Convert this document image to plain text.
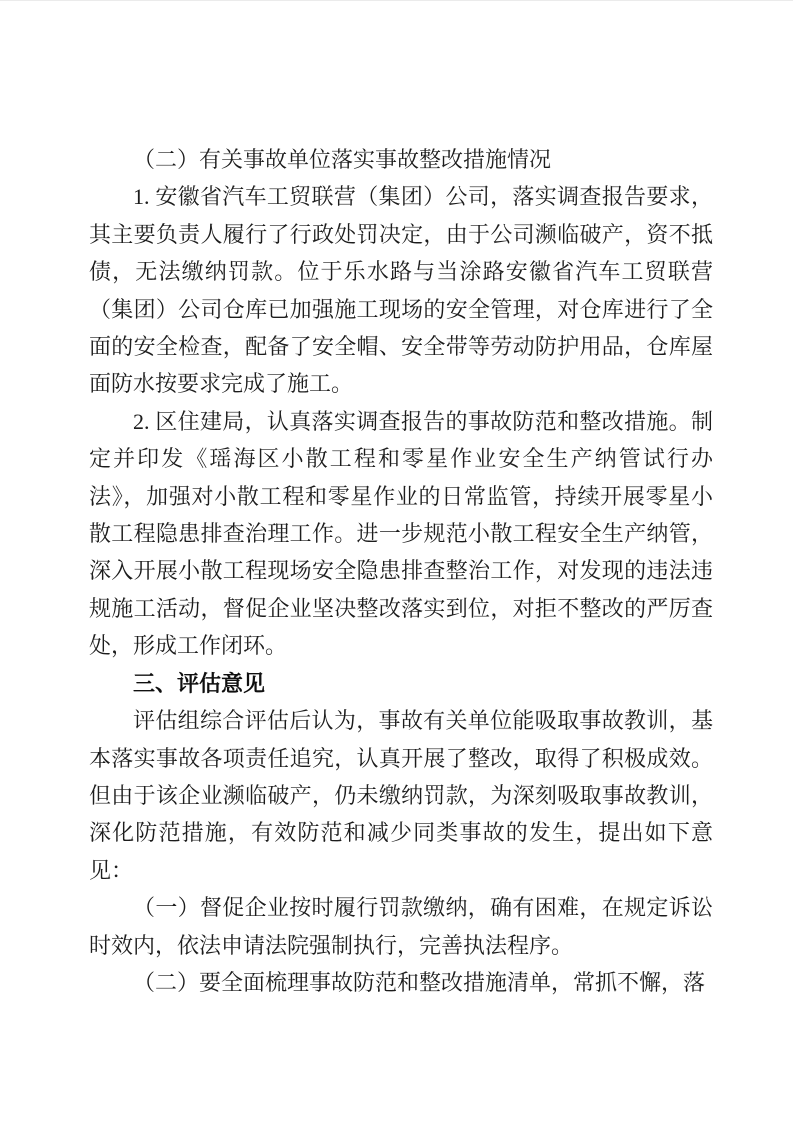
（二）有关事故单位落实事故整改措施情况

1. 安徽省汽车工贸联营（集团）公司，落实调查报告要求，其主要负责人履行了行政处罚决定，由于公司濒临破产，资不抵债，无法缴纳罚款。位于乐水路与当涂路安徽省汽车工贸联营（集团）公司仓库已加强施工现场的安全管理，对仓库进行了全面的安全检查，配备了安全帽、安全带等劳动防护用品，仓库屋面防水按要求完成了施工。

2. 区住建局，认真落实调查报告的事故防范和整改措施。制定并印发《瑶海区小散工程和零星作业安全生产纳管试行办法》，加强对小散工程和零星作业的日常监管，持续开展零星小散工程隐患排查治理工作。进一步规范小散工程安全生产纳管，深入开展小散工程现场安全隐患排查整治工作，对发现的违法违规施工活动，督促企业坚决整改落实到位，对拒不整改的严厉查处，形成工作闭环。

三、评估意见

评估组综合评估后认为，事故有关单位能吸取事故教训，基本落实事故各项责任追究，认真开展了整改，取得了积极成效。但由于该企业濒临破产，仍未缴纳罚款，为深刻吸取事故教训，深化防范措施，有效防范和减少同类事故的发生，提出如下意见：

（一）督促企业按时履行罚款缴纳，确有困难，在规定诉讼时效内，依法申请法院强制执行，完善执法程序。

（二）要全面梳理事故防范和整改措施清单，常抓不懈，落
